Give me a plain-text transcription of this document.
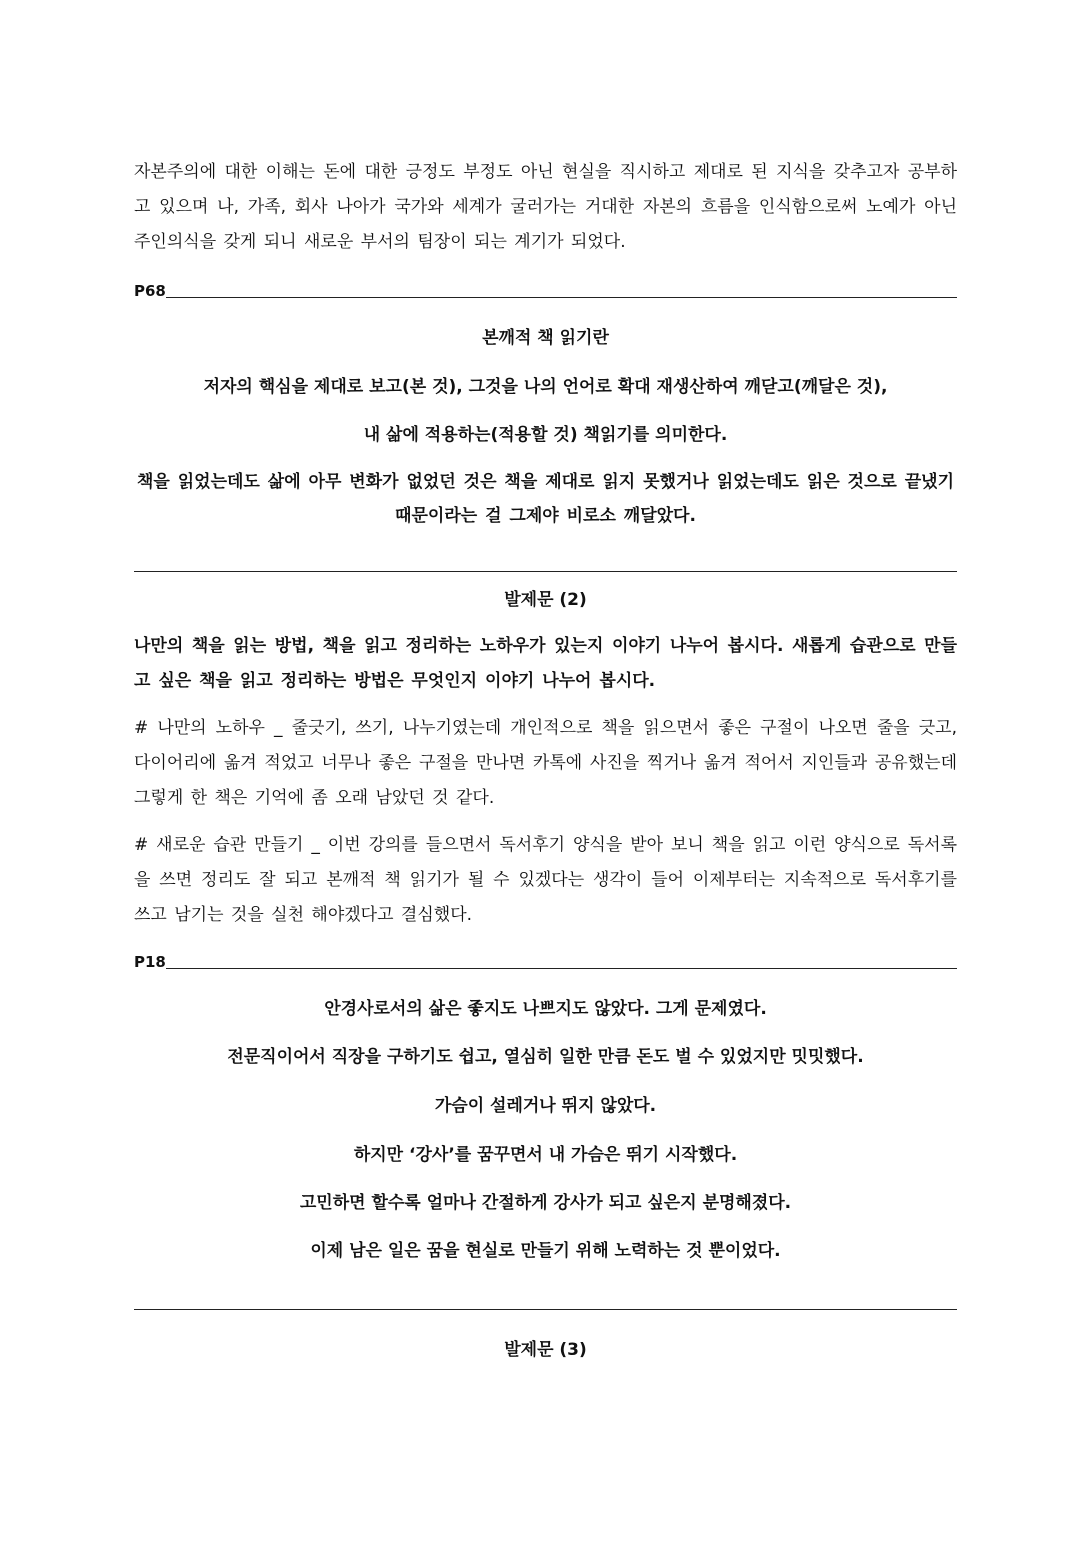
자본주의에 대한 이해는 돈에 대한 긍정도 부정도 아닌 현실을 직시하고 제대로 된 지식을 갖추고자 공부하고 있으며 나, 가족, 회사 나아가 국가와 세계가 굴러가는 거대한 자본의 흐름을 인식함으로써 노예가 아닌 주인의식을 갖게 되니 새로운 부서의 팀장이 되는 계기가 되었다.
P68
본깨적 책 읽기란
저자의 핵심을 제대로 보고(본 것), 그것을 나의 언어로 확대 재생산하여 깨닫고(깨달은 것),
내 삶에 적용하는(적용할 것) 책읽기를 의미한다.
책을 읽었는데도 삶에 아무 변화가 없었던 것은 책을 제대로 읽지 못했거나 읽었는데도 읽은 것으로 끝냈기 때문이라는 걸 그제야 비로소 깨달았다.
발제문 (2)
나만의 책을 읽는 방법, 책을 읽고 정리하는 노하우가 있는지 이야기 나누어 봅시다. 새롭게 습관으로 만들고 싶은 책을 읽고 정리하는 방법은 무엇인지 이야기 나누어 봅시다.
# 나만의 노하우 _ 줄긋기, 쓰기, 나누기였는데 개인적으로 책을 읽으면서 좋은 구절이 나오면 줄을 긋고, 다이어리에 옮겨 적었고 너무나 좋은 구절을 만나면 카톡에 사진을 찍거나 옮겨 적어서 지인들과 공유했는데 그렇게 한 책은 기억에 좀 오래 남았던 것 같다.
# 새로운 습관 만들기 _ 이번 강의를 들으면서 독서후기 양식을 받아 보니 책을 읽고 이런 양식으로 독서록을 쓰면 정리도 잘 되고 본깨적 책 읽기가 될 수 있겠다는 생각이 들어 이제부터는 지속적으로 독서후기를 쓰고 남기는 것을 실천 해야겠다고 결심했다.
P18
안경사로서의 삶은 좋지도 나쁘지도 않았다. 그게 문제였다.
전문직이어서 직장을 구하기도 쉽고, 열심히 일한 만큼 돈도 벌 수 있었지만 밋밋했다.
가슴이 설레거나 뛰지 않았다.
하지만 ‘강사’를 꿈꾸면서 내 가슴은 뛰기 시작했다.
고민하면 할수록 얼마나 간절하게 강사가 되고 싶은지 분명해졌다.
이제 남은 일은 꿈을 현실로 만들기 위해 노력하는 것 뿐이었다.
발제문 (3)
